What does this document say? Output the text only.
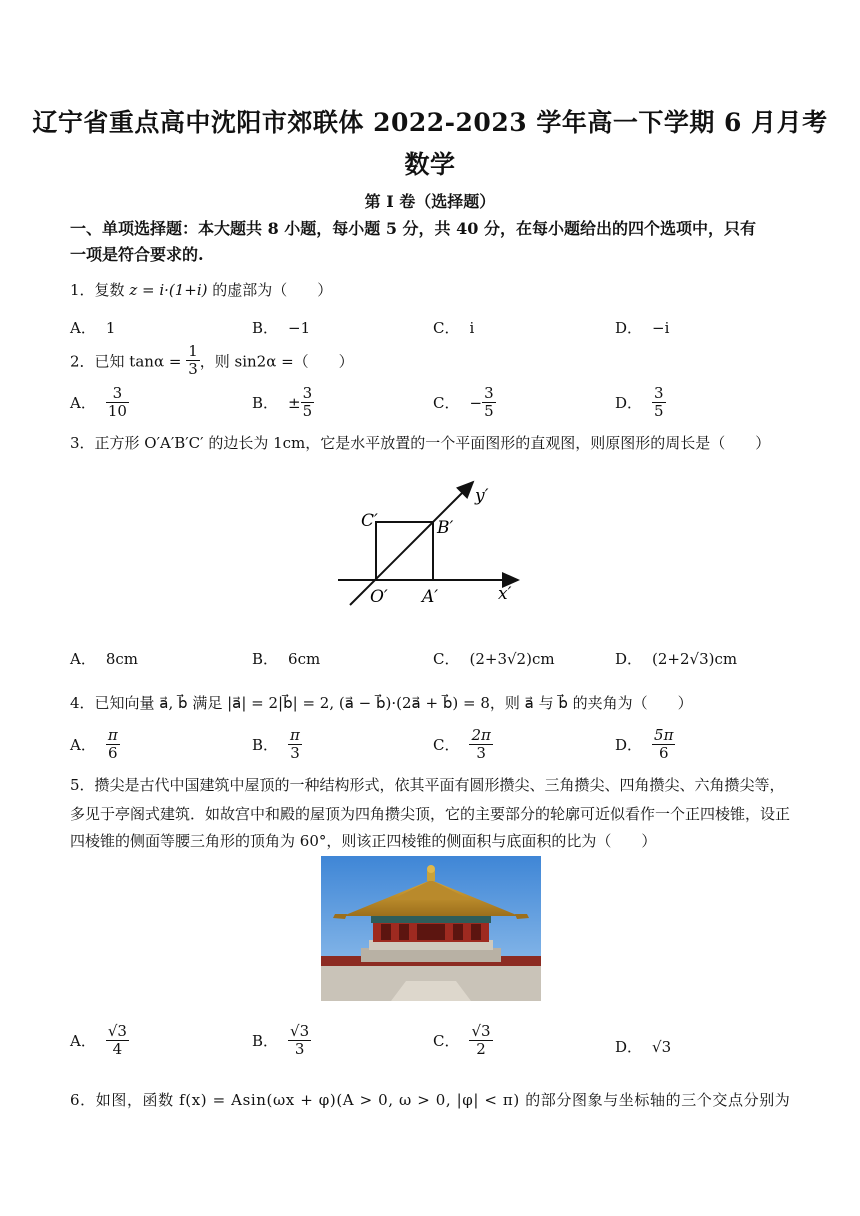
辽宁省重点高中沈阳市郊联体 2022-2023 学年高一下学期 6 月月考
数学
第 I 卷（选择题）
一、单项选择题：本大题共 8 小题，每小题 5 分，共 40 分，在每小题给出的四个选项中，只有
一项是符合要求的.
1．复数 z = i·(1+i) 的虚部为（　　）
A． 1	B． −1	C． i	D． −i
2．已知 $\tan\alpha = \frac{1}{3}$ ，则 sin2α =（　　）
A． $\frac{3}{10}$	B． ± $\frac{3}{5}$	C． − $\frac{3}{5}$	D． $\frac{3}{5}$
3．正方形 O′A′B′C′ 的边长为 1cm，它是水平放置的一个平面图形的直观图，则原图形的周长是（　　）
C′	B′
O′ A′	x′
y′
A． 8cm	B． 6cm	C． (2+3√2)cm	D． (2+2√3)cm
4．已知向量 a⃗, b⃗ 满足 |a⃗| = 2|b⃗| = 2, (a⃗ − b⃗)·(2a⃗ + b⃗) = 8，则 a⃗ 与 b⃗ 的夹角为（　　）
A． $\frac{\pi}{6}$	B． $\frac{\pi}{3}$	C． $\frac{2\pi}{3}$	D． $\frac{5\pi}{6}$
5．攒尖是古代中国建筑中屋顶的一种结构形式，依其平面有圆形攒尖、三角攒尖、四角攒尖、六角攒尖等，
多见于亭阁式建筑．如故宫中和殿的屋顶为四角攒尖顶，它的主要部分的轮廓可近似看作一个正四棱锥，设正
四棱锥的侧面等腰三角形的顶角为 60°，则该正四棱锥的侧面积与底面积的比为（　　）
A． $\frac{√3}{4}$	B． $\frac{√3}{3}$	C． $\frac{√3}{2}$	D． √3
6．如图，函数 f(x) = Asin(ωx + φ)(A > 0, ω > 0, |φ| < π) 的部分图象与坐标轴的三个交点分别为
